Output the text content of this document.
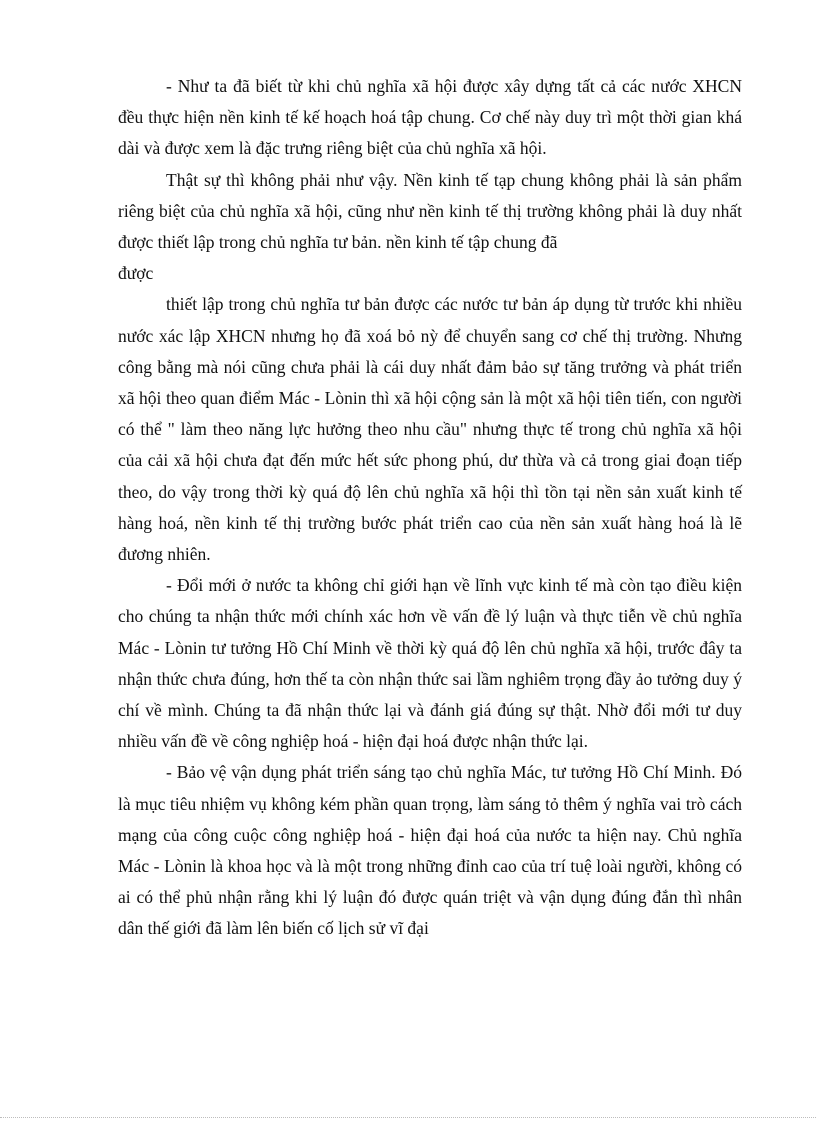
- Như ta đã biết từ khi chủ nghĩa xã hội được xây dựng tất cả các nước XHCN đều thực hiện nền kinh tế kế hoạch hoá tập chung. Cơ chế này duy trì một thời gian khá dài và được xem là đặc trưng riêng biệt của chủ nghĩa xã hội.

Thật sự thì không phải như vậy. Nền kinh tế tạp chung không phải là sản phẩm riêng biệt của chủ nghĩa xã hội, cũng như nền kinh tế thị trường không phải là duy nhất được thiết lập trong chủ nghĩa tư bản. nền kinh tế tập chung đã

được

thiết lập trong chủ nghĩa tư bản được các nước tư bản áp dụng từ trước khi nhiều nước xác lập XHCN nhưng họ đã xoá bỏ nỳ để chuyển sang cơ chế thị trường. Nhưng công bằng mà nói cũng chưa phải là cái duy nhất đảm bảo sự tăng trưởng và phát triển xã hội theo quan điểm Mác - Lònin thì xã hội cộng sản là một xã hội tiên tiến, con người có thể " làm theo năng lực hưởng theo nhu cầu" nhưng thực tế trong chủ nghĩa xã hội của cải xã hội chưa đạt đến mức hết sức phong phú, dư thừa và cả trong giai đoạn tiếp theo, do vậy trong thời kỳ quá độ lên chủ nghĩa xã hội thì tồn tại nền sản xuất kinh tế hàng hoá, nền kinh tế thị trường bước phát triển cao của nền sản xuất hàng hoá là lẽ đương nhiên.

- Đổi mới ở nước ta không chỉ giới hạn về lĩnh vực kinh tế mà còn tạo điều kiện cho chúng ta nhận thức mới chính xác hơn về vấn đề lý luận và thực tiễn về chủ nghĩa Mác - Lònin tư tưởng Hồ Chí Minh về thời kỳ quá độ lên chủ nghĩa xã hội, trước đây ta nhận thức chưa đúng, hơn thế ta còn nhận thức sai lầm nghiêm trọng đầy ảo tưởng duy ý chí về mình. Chúng ta đã nhận thức lại và đánh giá đúng sự thật. Nhờ đổi mới tư duy nhiều vấn đề về công nghiệp hoá - hiện đại hoá được nhận thức lại.

- Bảo vệ vận dụng phát triển sáng tạo chủ nghĩa Mác, tư tưởng Hồ Chí Minh. Đó là mục tiêu nhiệm vụ không kém phần quan trọng, làm sáng tỏ thêm ý nghĩa vai trò cách mạng của công cuộc công nghiệp hoá - hiện đại hoá của nước ta hiện nay. Chủ nghĩa Mác - Lònin là khoa học và là một trong những đỉnh cao của trí tuệ loài người, không có ai có thể phủ nhận rằng khi lý luận đó được quán triệt và vận dụng đúng đắn thì nhân dân thế giới đã làm lên biến cố lịch sử vĩ đại
